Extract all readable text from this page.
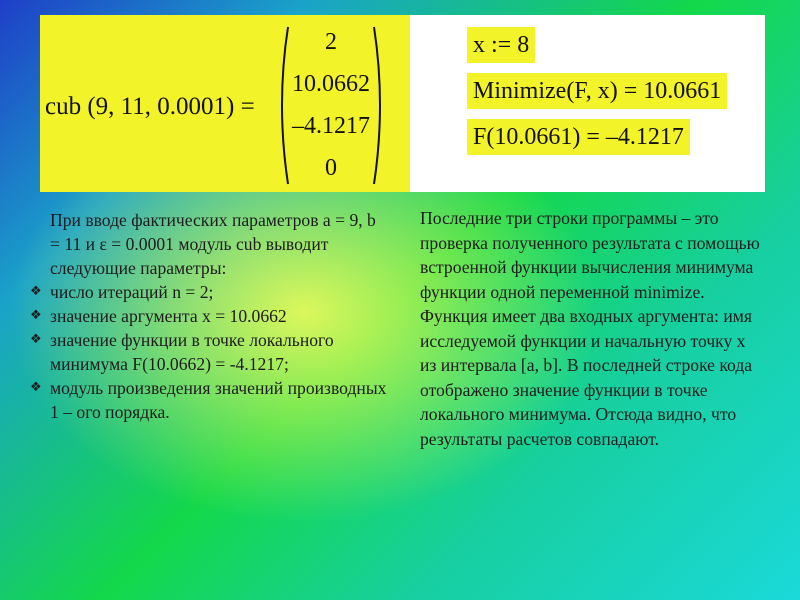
cub (9, 11, 0.0001) =
2
10.0662
–4.1217
0
x := 8
Minimize(F, x) = 10.0661
F(10.0661) = –4.1217
При вводе фактических параметров a = 9, b = 11 и ε = 0.0001 модуль cub выводит следующие параметры:
❖ число итераций n = 2;
❖ значение аргумента x = 10.0662
❖ значение функции в точке локального минимума F(10.0662) = -4.1217;
❖ модуль произведения значений производных 1 – ого порядка.
Последние три строки программы – это проверка полученного результата с помощью встроенной функции вычисления минимума функции одной переменной minimize. Функция имеет два входных аргумента: имя исследуемой функции и начальную точку x из интервала [a, b]. В последней строке кода отображено значение функции в точке локального минимума. Отсюда видно, что результаты расчетов совпадают.
